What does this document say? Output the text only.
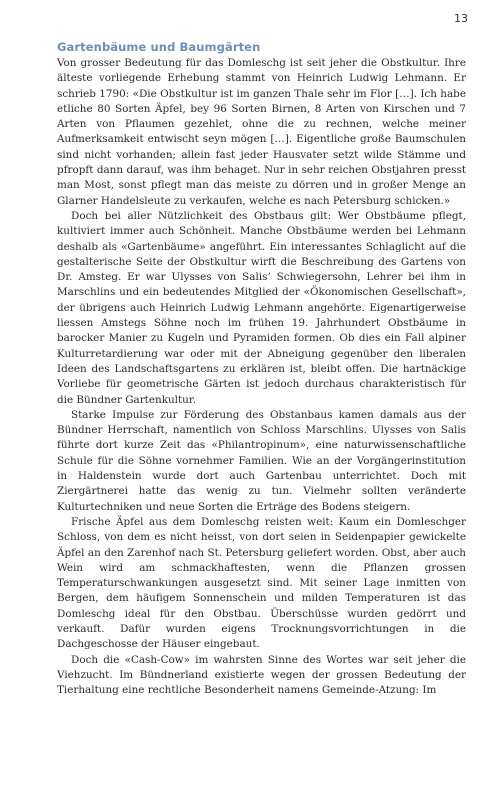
13
Gartenbäume und Baumgärten

Von grosser Bedeutung für das Domleschg ist seit jeher die Obstkultur. Ihre älteste vorliegende Erhebung stammt von Heinrich Ludwig Lehmann. Er schrieb 1790: «Die Obstkultur ist im ganzen Thale sehr im Flor […]. Ich habe etliche 80 Sorten Äpfel, bey 96 Sorten Birnen, 8 Arten von Kirschen und 7 Arten von Pflaumen gezehlet, ohne die zu rechnen, welche meiner Aufmerksamkeit entwischt seyn mögen […]. Eigentliche große Baumschulen sind nicht vorhanden; allein fast jeder Hausvater setzt wilde Stämme und pfropft dann darauf, was ihm behaget. Nur in sehr reichen Obstjahren presst man Most, sonst pflegt man das meiste zu dörren und in großer Menge an Glarner Handelsleute zu verkaufen, welche es nach Petersburg schicken.»

Doch bei aller Nützlichkeit des Obstbaus gilt: Wer Obstbäume pflegt, kultiviert immer auch Schönheit. Manche Obstbäume werden bei Lehmann deshalb als «Gartenbäume» angeführt. Ein interessantes Schlaglicht auf die gestalterische Seite der Obstkultur wirft die Beschreibung des Gartens von Dr. Amsteg. Er war Ulysses von Salis’ Schwiegersohn, Lehrer bei ihm in Marschlins und ein bedeutendes Mitglied der «Ökonomischen Gesellschaft», der übrigens auch Heinrich Ludwig Lehmann angehörte. Eigenartigerweise liessen Amstegs Söhne noch im frühen 19. Jahrhundert Obstbäume in barocker Manier zu Kugeln und Pyramiden formen. Ob dies ein Fall alpiner Kulturretardierung war oder mit der Abneigung gegenüber den liberalen Ideen des Landschaftsgartens zu erklären ist, bleibt offen. Die hartnäckige Vorliebe für geometrische Gärten ist jedoch durchaus charakteristisch für die Bündner Gartenkultur.

Starke Impulse zur Förderung des Obstanbaus kamen damals aus der Bündner Herrschaft, namentlich von Schloss Marschlins. Ulysses von Salis führte dort kurze Zeit das «Philantropinum», eine naturwissenschaftliche Schule für die Söhne vornehmer Familien. Wie an der Vorgängerinstitution in Haldenstein wurde dort auch Gartenbau unterrichtet. Doch mit Ziergärtnerei hatte das wenig zu tun. Vielmehr sollten veränderte Kulturtechniken und neue Sorten die Erträge des Bodens steigern.

Frische Äpfel aus dem Domleschg reisten weit: Kaum ein Domleschger Schloss, von dem es nicht heisst, von dort seien in Seidenpapier gewickelte Äpfel an den Zarenhof nach St. Petersburg geliefert worden. Obst, aber auch Wein wird am schmackhaftesten, wenn die Pflanzen grossen Temperaturschwankungen ausgesetzt sind. Mit seiner Lage inmitten von Bergen, dem häufigem Sonnenschein und milden Temperaturen ist das Domleschg ideal für den Obstbau. Überschüsse wurden gedörrt und verkauft. Dafür wurden eigens Trocknungsvorrichtungen in die Dachgeschosse der Häuser eingebaut.

Doch die «Cash-Cow» im wahrsten Sinne des Wortes war seit jeher die Viehzucht. Im Bündnerland existierte wegen der grossen Bedeutung der Tierhaltung eine rechtliche Besonderheit namens Gemeinde-Atzung: Im
